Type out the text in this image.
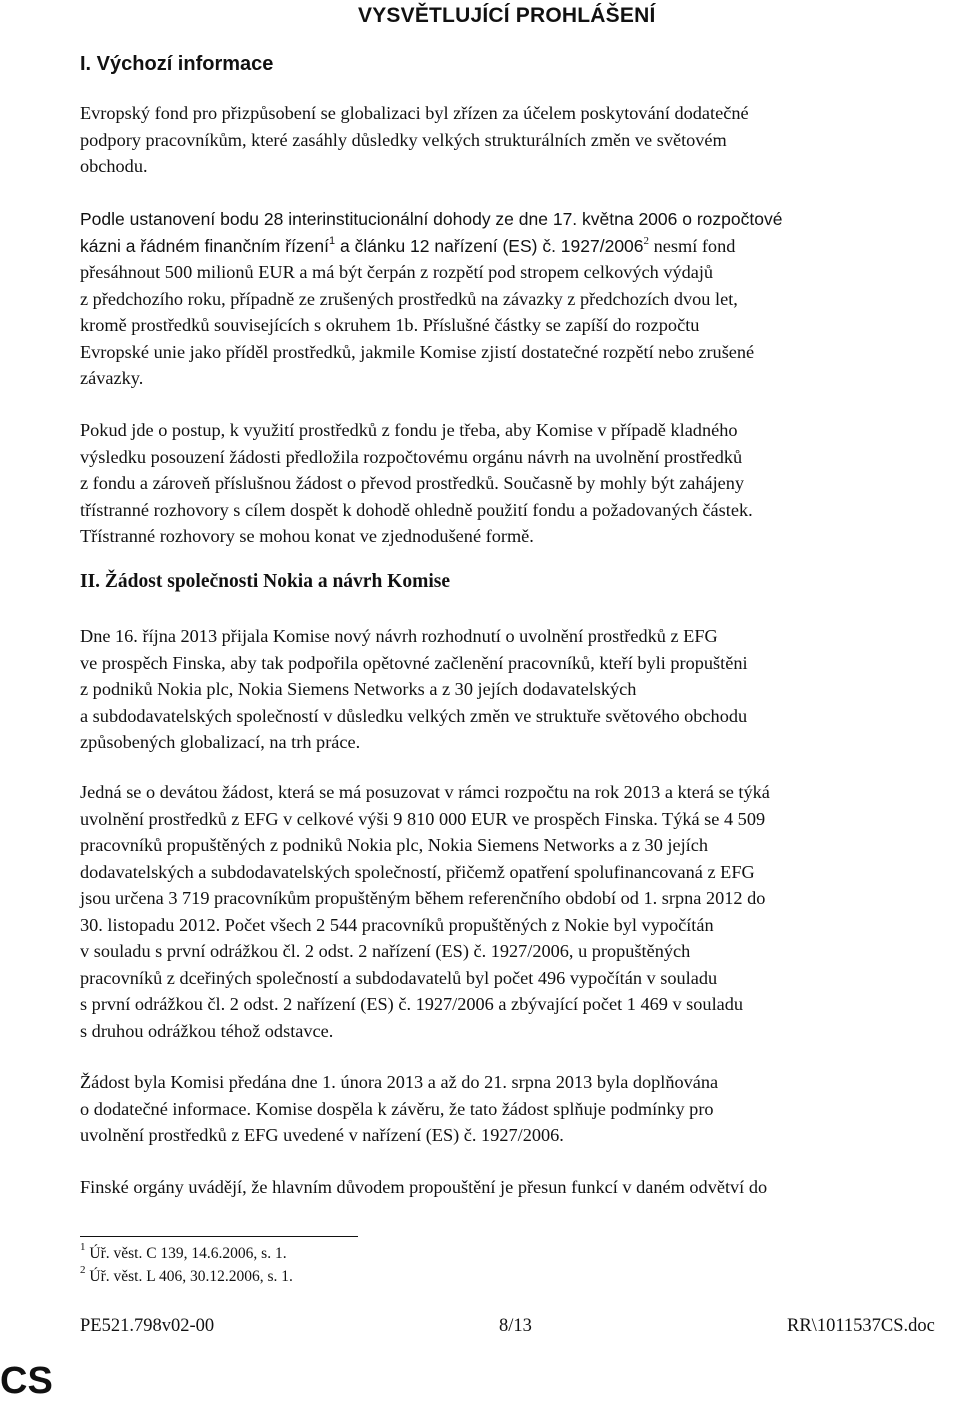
VYSVĚTLUJÍCÍ PROHLÁŠENÍ
I. Výchozí informace

Evropský fond pro přizpůsobení se globalizaci byl zřízen za účelem poskytování dodatečné
podpory pracovníkům, které zasáhly důsledky velkých strukturálních změn ve světovém
obchodu.

Podle ustanovení bodu 28 interinstitucionální dohody ze dne 17. května 2006 o rozpočtové
kázni a řádném finančním řízení$^1$ a článku 12 nařízení (ES) č. 1927/2006$^2$ nesmí fond
přesáhnout 500 milionů EUR a má být čerpán z rozpětí pod stropem celkových výdajů
z předchozího roku, případně ze zrušených prostředků na závazky z předchozích dvou let,
kromě prostředků souvisejících s okruhem 1b. Příslušné částky se zapíší do rozpočtu
Evropské unie jako příděl prostředků, jakmile Komise zjistí dostatečné rozpětí nebo zrušené
závazky.

Pokud jde o postup, k využití prostředků z fondu je třeba, aby Komise v případě kladného
výsledku posouzení žádosti předložila rozpočtovému orgánu návrh na uvolnění prostředků
z fondu a zároveň příslušnou žádost o převod prostředků. Současně by mohly být zahájeny
třístranné rozhovory s cílem dospět k dohodě ohledně použití fondu a požadovaných částek.
Třístranné rozhovory se mohou konat ve zjednodušené formě.

II. Žádost společnosti Nokia a návrh Komise

Dne 16. října 2013 přijala Komise nový návrh rozhodnutí o uvolnění prostředků z EFG
ve prospěch Finska, aby tak podpořila opětovné začlenění pracovníků, kteří byli propuštěni
z podniků Nokia plc, Nokia Siemens Networks a z 30 jejích dodavatelských
a subdodavatelských společností v důsledku velkých změn ve struktuře světového obchodu
způsobených globalizací, na trh práce.

Jedná se o devátou žádost, která se má posuzovat v rámci rozpočtu na rok 2013 a která se týká
uvolnění prostředků z EFG v celkové výši 9 810 000 EUR ve prospěch Finska. Týká se 4 509
pracovníků propuštěných z podniků Nokia plc, Nokia Siemens Networks a z 30 jejích
dodavatelských a subdodavatelských společností, přičemž opatření spolufinancovaná z EFG
jsou určena 3 719 pracovníkům propuštěným během referenčního období od 1. srpna 2012 do
30. listopadu 2012. Počet všech 2 544 pracovníků propuštěných z Nokie byl vypočítán
v souladu s první odrážkou čl. 2 odst. 2 nařízení (ES) č. 1927/2006, u propuštěných
pracovníků z dceřiných společností a subdodavatelů byl počet 496 vypočítán v souladu
s první odrážkou čl. 2 odst. 2 nařízení (ES) č. 1927/2006 a zbývající počet 1 469 v souladu
s druhou odrážkou téhož odstavce.

Žádost byla Komisi předána dne 1. února 2013 a až do 21. srpna 2013 byla doplňována
o dodatečné informace. Komise dospěla k závěru, že tato žádost splňuje podmínky pro
uvolnění prostředků z EFG uvedené v nařízení (ES) č. 1927/2006.

Finské orgány uvádějí, že hlavním důvodem propouštění je přesun funkcí v daném odvětví do

$^1$ Úř. věst. C 139, 14.6.2006, s. 1.
$^2$ Úř. věst. L 406, 30.12.2006, s. 1.
PE521.798v02-00	8/13	RR\1011537CS.doc
CS
